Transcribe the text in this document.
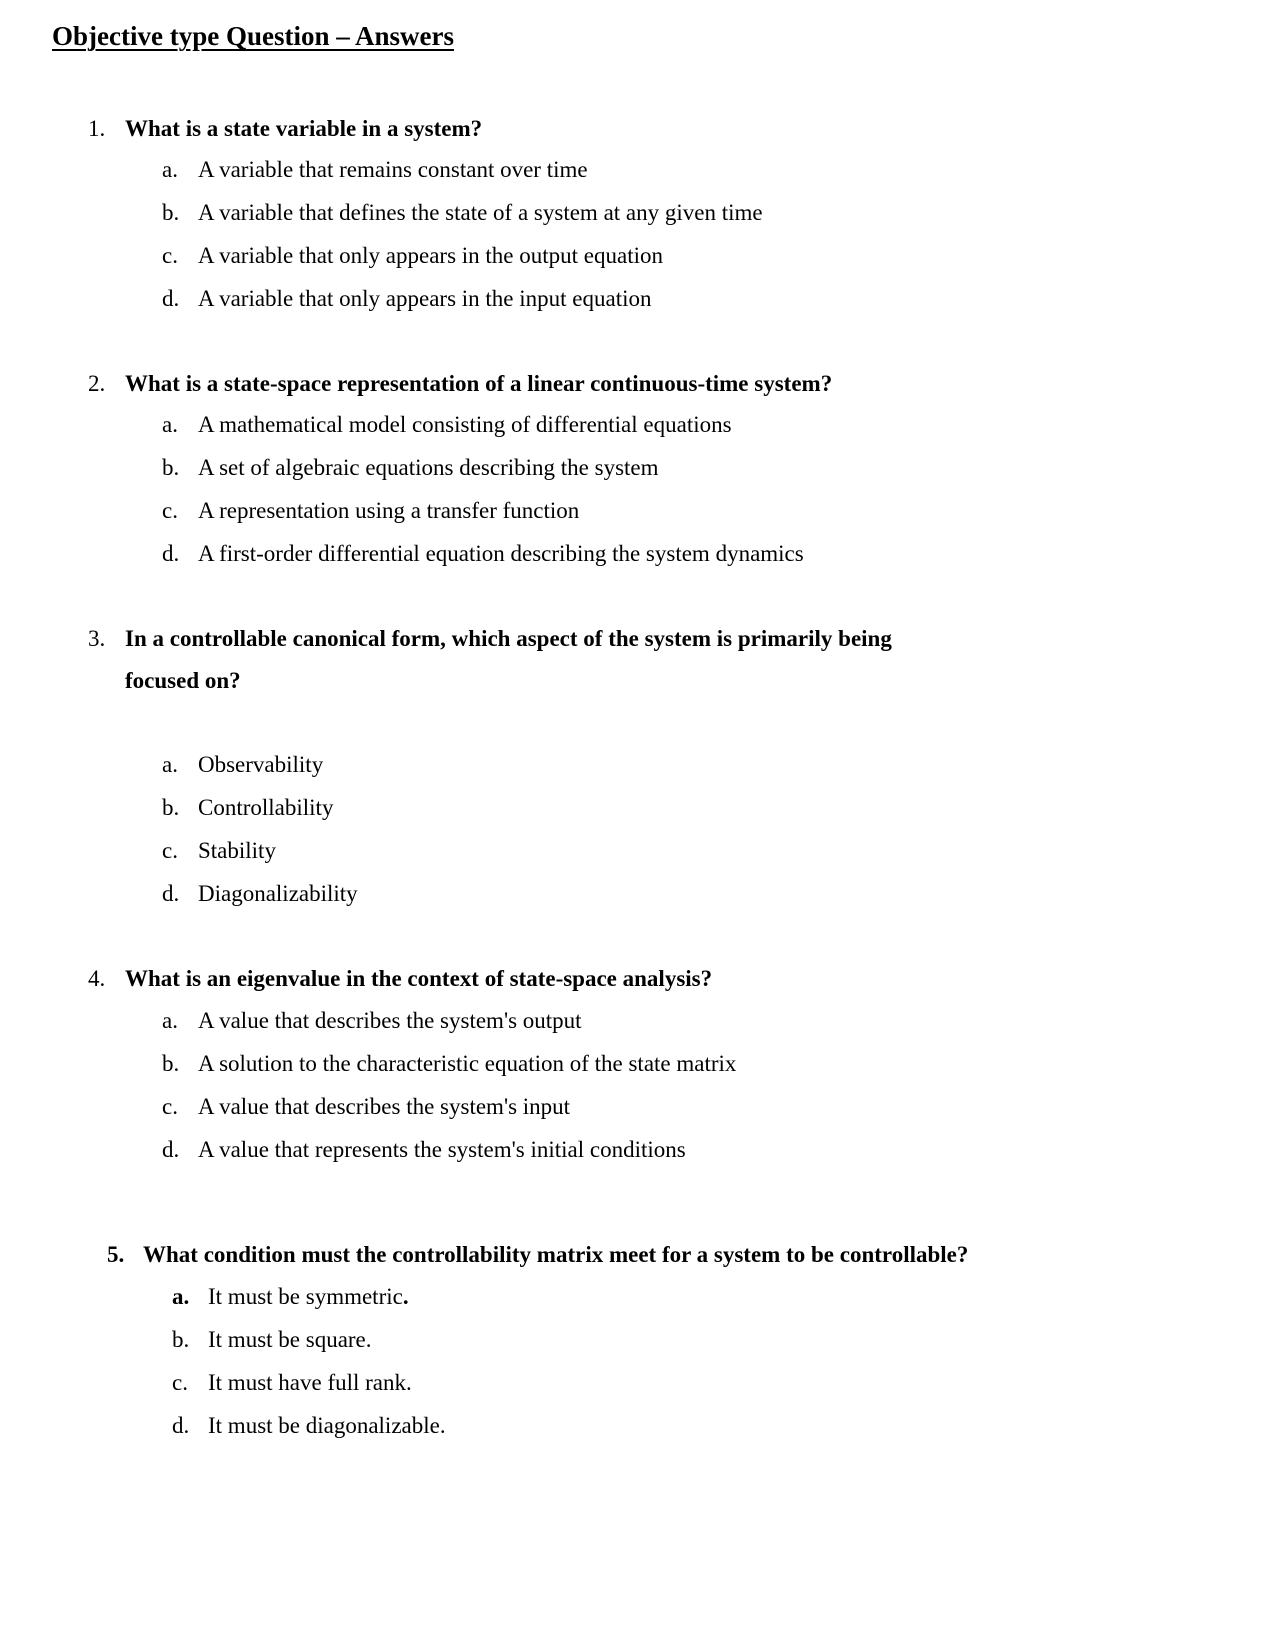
Objective type Question – Answers
1. What is a state variable in a system?
a. A variable that remains constant over time
b. A variable that defines the state of a system at any given time
c. A variable that only appears in the output equation
d. A variable that only appears in the input equation
2. What is a state-space representation of a linear continuous-time system?
a. A mathematical model consisting of differential equations
b. A set of algebraic equations describing the system
c. A representation using a transfer function
d. A first-order differential equation describing the system dynamics
3. In a controllable canonical form, which aspect of the system is primarily being
focused on?
a. Observability
b. Controllability
c. Stability
d. Diagonalizability
4. What is an eigenvalue in the context of state-space analysis?
a. A value that describes the system's output
b. A solution to the characteristic equation of the state matrix
c. A value that describes the system's input
d. A value that represents the system's initial conditions
5. What condition must the controllability matrix meet for a system to be controllable?
a. It must be symmetric.
b. It must be square.
c. It must have full rank.
d. It must be diagonalizable.
